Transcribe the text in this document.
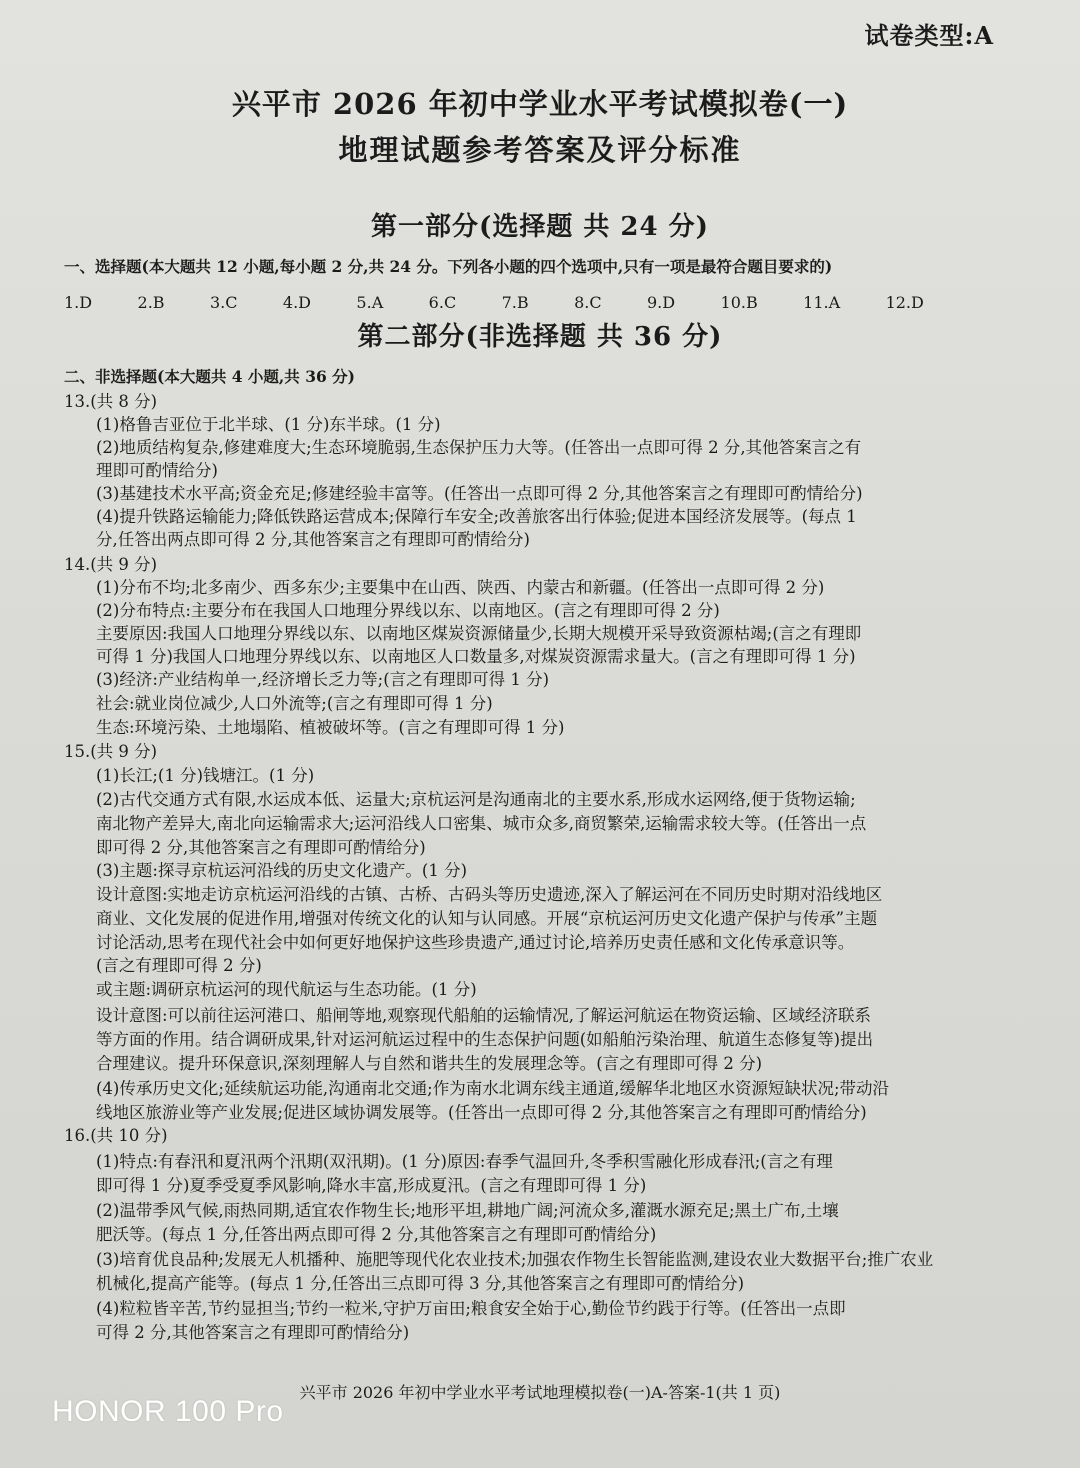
试卷类型:A
兴平市 2026 年初中学业水平考试模拟卷(一)
地理试题参考答案及评分标准
第一部分(选择题 共 24 分)
一、选择题(本大题共 12 小题,每小题 2 分,共 24 分。下列各小题的四个选项中,只有一项是最符合题目要求的)
1.D	2.B	3.C	4.D	5.A	6.C	7.B	8.C	9.D	10.B	11.A	12.D
第二部分(非选择题 共 36 分)
二、非选择题(本大题共 4 小题,共 36 分)
13.(共 8 分)
(1)格鲁吉亚位于北半球、(1 分)东半球。(1 分)
(2)地质结构复杂,修建难度大;生态环境脆弱,生态保护压力大等。(任答出一点即可得 2 分,其他答案言之有
理即可酌情给分)
(3)基建技术水平高;资金充足;修建经验丰富等。(任答出一点即可得 2 分,其他答案言之有理即可酌情给分)
(4)提升铁路运输能力;降低铁路运营成本;保障行车安全;改善旅客出行体验;促进本国经济发展等。(每点 1
分,任答出两点即可得 2 分,其他答案言之有理即可酌情给分)
14.(共 9 分)
(1)分布不均;北多南少、西多东少;主要集中在山西、陕西、内蒙古和新疆。(任答出一点即可得 2 分)
(2)分布特点:主要分布在我国人口地理分界线以东、以南地区。(言之有理即可得 2 分)
主要原因:我国人口地理分界线以东、以南地区煤炭资源储量少,长期大规模开采导致资源枯竭;(言之有理即
可得 1 分)我国人口地理分界线以东、以南地区人口数量多,对煤炭资源需求量大。(言之有理即可得 1 分)
(3)经济:产业结构单一,经济增长乏力等;(言之有理即可得 1 分)
社会:就业岗位减少,人口外流等;(言之有理即可得 1 分)
生态:环境污染、土地塌陷、植被破坏等。(言之有理即可得 1 分)
15.(共 9 分)
(1)长江;(1 分)钱塘江。(1 分)
(2)古代交通方式有限,水运成本低、运量大;京杭运河是沟通南北的主要水系,形成水运网络,便于货物运输;
南北物产差异大,南北向运输需求大;运河沿线人口密集、城市众多,商贸繁荣,运输需求较大等。(任答出一点
即可得 2 分,其他答案言之有理即可酌情给分)
(3)主题:探寻京杭运河沿线的历史文化遗产。(1 分)
设计意图:实地走访京杭运河沿线的古镇、古桥、古码头等历史遗迹,深入了解运河在不同历史时期对沿线地区
商业、文化发展的促进作用,增强对传统文化的认知与认同感。开展“京杭运河历史文化遗产保护与传承”主题
讨论活动,思考在现代社会中如何更好地保护这些珍贵遗产,通过讨论,培养历史责任感和文化传承意识等。
(言之有理即可得 2 分)
或主题:调研京杭运河的现代航运与生态功能。(1 分)
设计意图:可以前往运河港口、船闸等地,观察现代船舶的运输情况,了解运河航运在物资运输、区域经济联系
等方面的作用。结合调研成果,针对运河航运过程中的生态保护问题(如船舶污染治理、航道生态修复等)提出
合理建议。提升环保意识,深刻理解人与自然和谐共生的发展理念等。(言之有理即可得 2 分)
(4)传承历史文化;延续航运功能,沟通南北交通;作为南水北调东线主通道,缓解华北地区水资源短缺状况;带动沿
线地区旅游业等产业发展;促进区域协调发展等。(任答出一点即可得 2 分,其他答案言之有理即可酌情给分)
16.(共 10 分)
(1)特点:有春汛和夏汛两个汛期(双汛期)。(1 分)原因:春季气温回升,冬季积雪融化形成春汛;(言之有理
即可得 1 分)夏季受夏季风影响,降水丰富,形成夏汛。(言之有理即可得 1 分)
(2)温带季风气候,雨热同期,适宜农作物生长;地形平坦,耕地广阔;河流众多,灌溉水源充足;黑土广布,土壤
肥沃等。(每点 1 分,任答出两点即可得 2 分,其他答案言之有理即可酌情给分)
(3)培育优良品种;发展无人机播种、施肥等现代化农业技术;加强农作物生长智能监测,建设农业大数据平台;推广农业
机械化,提高产能等。(每点 1 分,任答出三点即可得 3 分,其他答案言之有理即可酌情给分)
(4)粒粒皆辛苦,节约显担当;节约一粒米,守护万亩田;粮食安全始于心,勤俭节约践于行等。(任答出一点即
可得 2 分,其他答案言之有理即可酌情给分)
兴平市 2026 年初中学业水平考试地理模拟卷(一)A-答案-1(共 1 页)
HONOR 100 Pro
